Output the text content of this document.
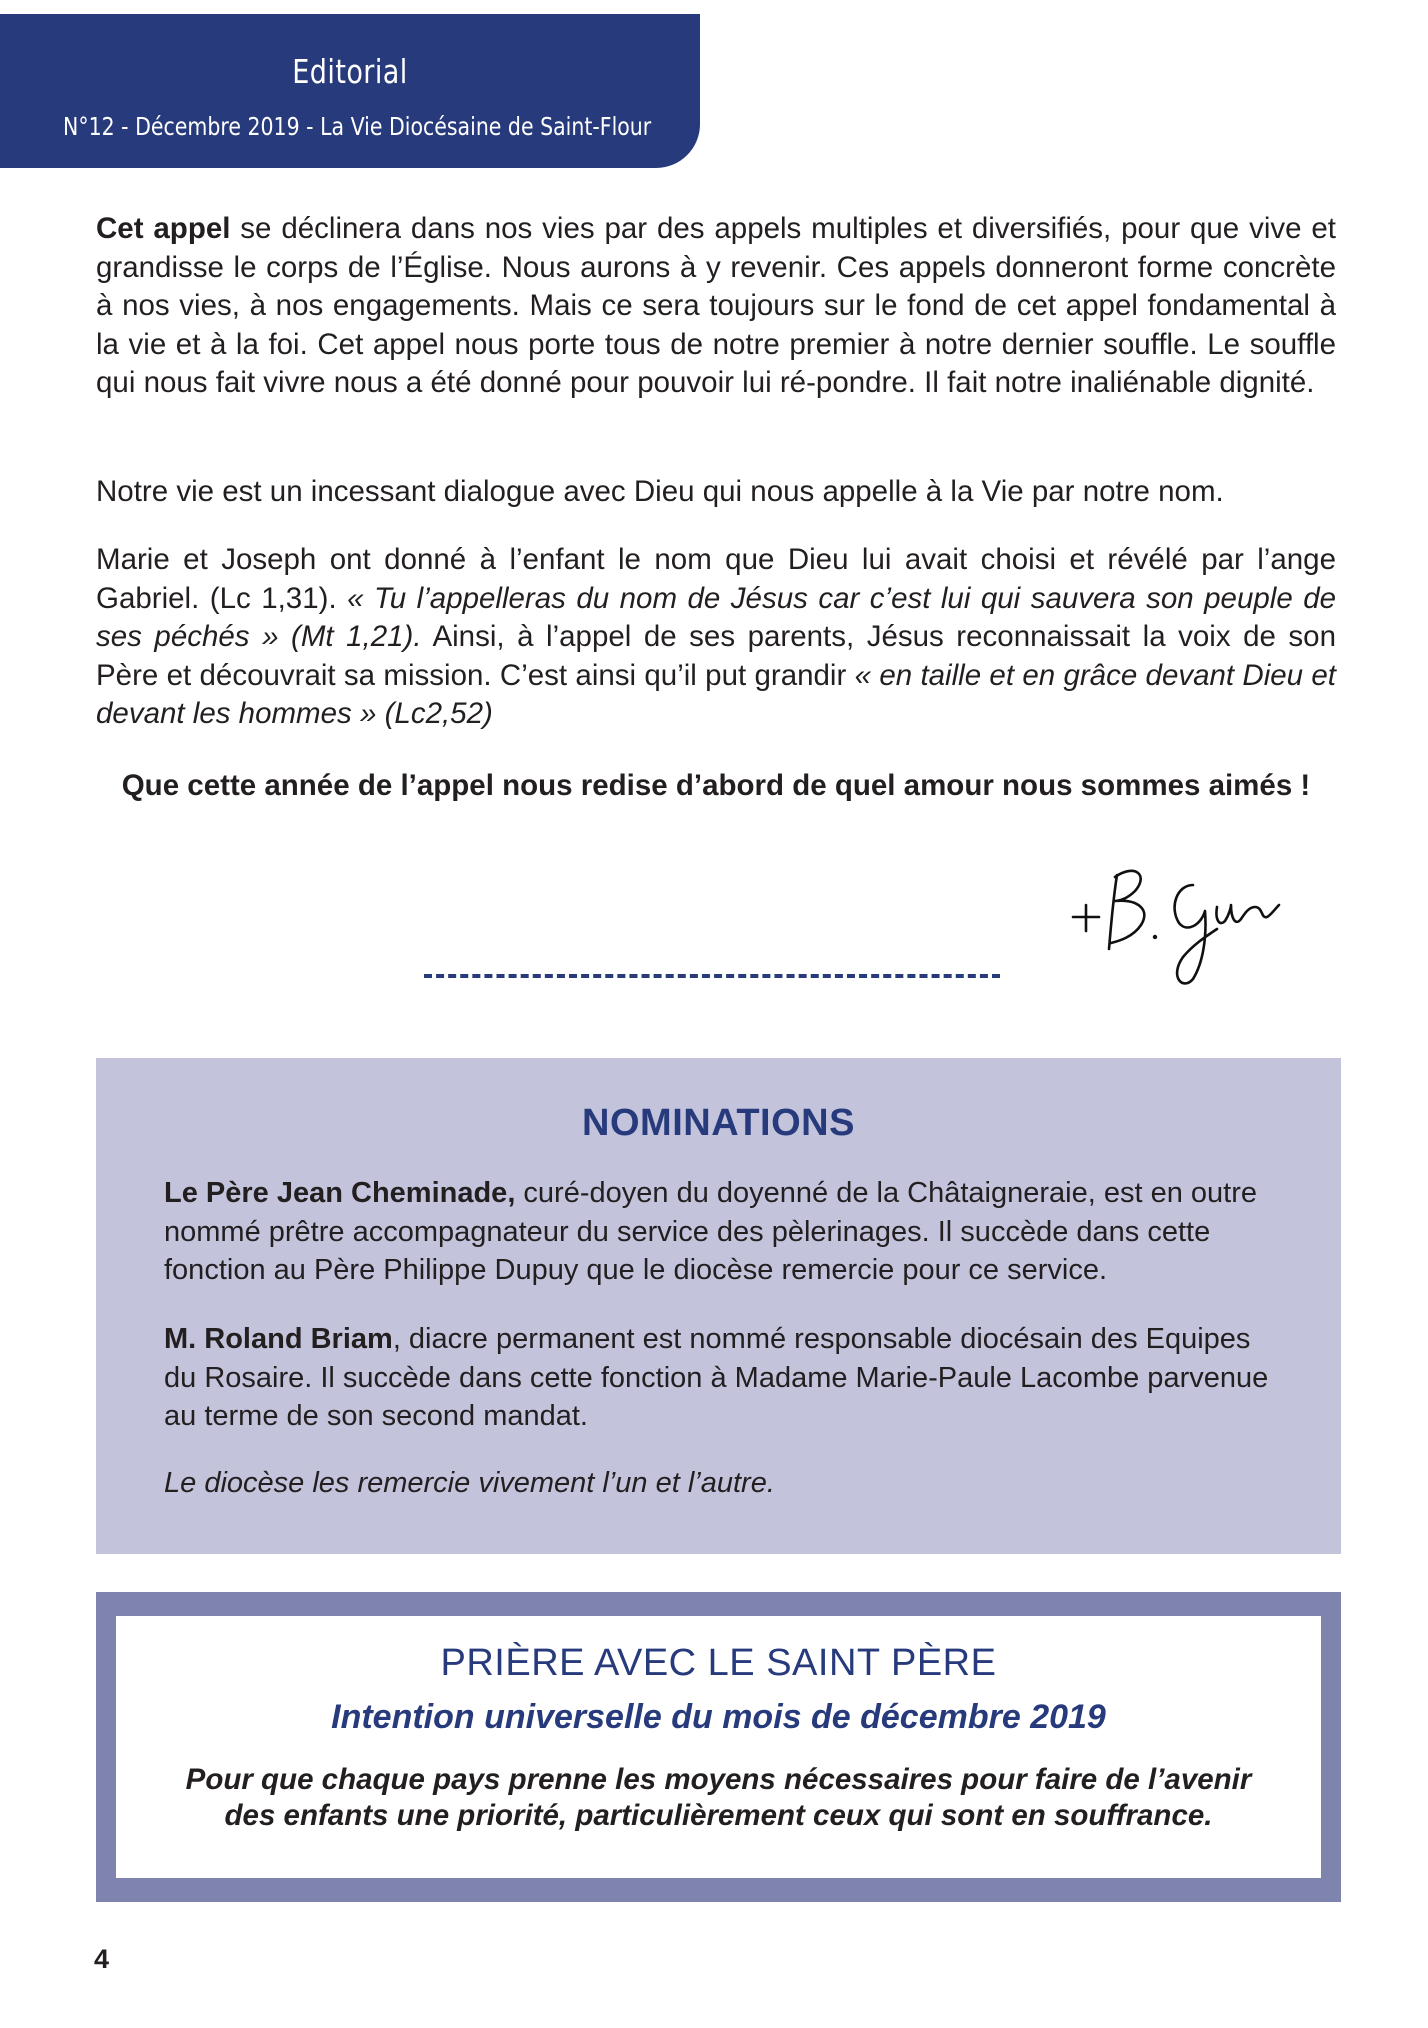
Editorial
N°12 - Décembre 2019 - La Vie Diocésaine de Saint-Flour

Cet appel se déclinera dans nos vies par des appels multiples et diversifiés, pour que vive et grandisse le corps de l’Église. Nous aurons à y revenir. Ces appels donneront forme concrète à nos vies, à nos engagements. Mais ce sera toujours sur le fond de cet appel fondamental à la vie et à la foi. Cet appel nous porte tous de notre premier à notre dernier souffle. Le souffle qui nous fait vivre nous a été donné pour pouvoir lui ré-pondre. Il fait notre inaliénable dignité.

Notre vie est un incessant dialogue avec Dieu qui nous appelle à la Vie par notre nom.

Marie et Joseph ont donné à l’enfant le nom que Dieu lui avait choisi et révélé par l’ange Gabriel. (Lc 1,31). « Tu l’appelleras du nom de Jésus car c’est lui qui sauvera son peuple de ses péchés » (Mt 1,21). Ainsi, à l’appel de ses parents, Jésus reconnaissait la voix de son Père et découvrait sa mission. C’est ainsi qu’il put grandir « en taille et en grâce devant Dieu et devant les hommes » (Lc2,52)

Que cette année de l’appel nous redise d’abord de quel amour nous sommes aimés !

NOMINATIONS

Le Père Jean Cheminade, curé-doyen du doyenné de la Châtaigneraie, est en outre nommé prêtre accompagnateur du service des pèlerinages. Il succède dans cette fonction au Père Philippe Dupuy que le diocèse remercie pour ce service.

M. Roland Briam, diacre permanent est nommé responsable diocésain des Equipes du Rosaire. Il succède dans cette fonction à Madame Marie-Paule Lacombe parvenue au terme de son second mandat.

Le diocèse les remercie vivement l’un et l’autre.

PRIÈRE AVEC LE SAINT PÈRE
Intention universelle du mois de décembre 2019
Pour que chaque pays prenne les moyens nécessaires pour faire de l’avenir
des enfants une priorité, particulièrement ceux qui sont en souffrance.
4
